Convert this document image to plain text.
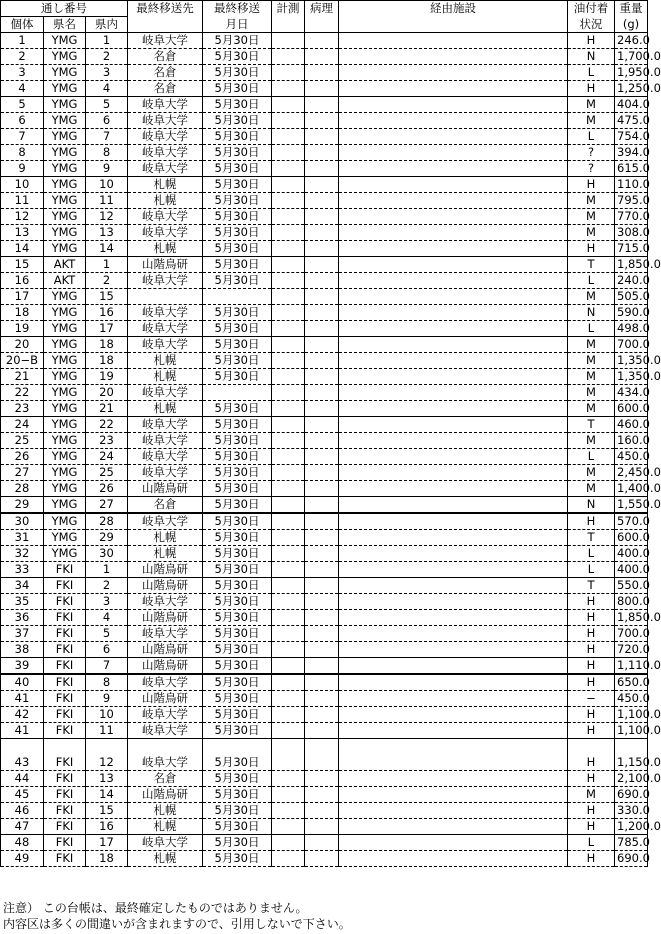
通し番号			最終移送先	最終移送	計測	病理	経由施設	油付着	重量
個体	県名	県内		月日				状況	(g)
1	YMG	1	岐阜大学	5月30日				H	246.0
2	YMG	2	名倉	5月30日				N	1,700.0
3	YMG	3	名倉	5月30日				L	1,950.0
4	YMG	4	名倉	5月30日				H	1,250.0
5	YMG	5	岐阜大学	5月30日				M	404.0
6	YMG	6	岐阜大学	5月30日				M	475.0
7	YMG	7	岐阜大学	5月30日				L	754.0
8	YMG	8	岐阜大学	5月30日				?	394.0
9	YMG	9	岐阜大学	5月30日				?	615.0
10	YMG	10	札幌	5月30日				H	110.0
11	YMG	11	札幌	5月30日				M	795.0
12	YMG	12	岐阜大学	5月30日				M	770.0
13	YMG	13	岐阜大学	5月30日				M	308.0
14	YMG	14	札幌	5月30日				H	715.0
15	AKT	1	山階鳥研	5月30日				T	1,850.0
16	AKT	2	岐阜大学	5月30日				L	240.0
17	YMG	15						M	505.0
18	YMG	16	岐阜大学	5月30日				N	590.0
19	YMG	17	岐阜大学	5月30日				L	498.0
20	YMG	18	岐阜大学	5月30日				M	700.0
20−B	YMG	18	札幌	5月30日				M	1,350.0
21	YMG	19	札幌	5月30日				M	1,350.0
22	YMG	20	岐阜大学					M	434.0
23	YMG	21	札幌	5月30日				M	600.0
24	YMG	22	岐阜大学	5月30日				T	460.0
25	YMG	23	岐阜大学	5月30日				M	160.0
26	YMG	24	岐阜大学	5月30日				L	450.0
27	YMG	25	岐阜大学	5月30日				M	2,450.0
28	YMG	26	山階鳥研	5月30日				M	1,400.0
29	YMG	27	名倉	5月30日				N	1,550.0
30	YMG	28	岐阜大学	5月30日				H	570.0
31	YMG	29	札幌	5月30日				T	600.0
32	YMG	30	札幌	5月30日				L	400.0
33	FKI	1	山階鳥研	5月30日				L	400.0
34	FKI	2	山階鳥研	5月30日				T	550.0
35	FKI	3	岐阜大学	5月30日				H	800.0
36	FKI	4	山階鳥研	5月30日				H	1,850.0
37	FKI	5	岐阜大学	5月30日				H	700.0
38	FKI	6	山階鳥研	5月30日				H	720.0
39	FKI	7	山階鳥研	5月30日				H	1,110.0
40	FKI	8	岐阜大学	5月30日				H	650.0
41	FKI	9	山階鳥研	5月30日				−	450.0
42	FKI	10	岐阜大学	5月30日				H	1,100.0
41	FKI	11	岐阜大学	5月30日				H	1,100.0
43	FKI	12	岐阜大学	5月30日				H	1,150.0
44	FKI	13	名倉	5月30日				H	2,100.0
45	FKI	14	山階鳥研	5月30日				M	690.0
46	FKI	15	札幌	5月30日				H	330.0
47	FKI	16	札幌	5月30日				H	1,200.0
48	FKI	17	岐阜大学	5月30日				L	785.0
49	FKI	18	札幌	5月30日				H	690.0
注意） この台帳は、最終確定したものではありません。
内容区は多くの間違いが含まれますので、引用しないで下さい。
